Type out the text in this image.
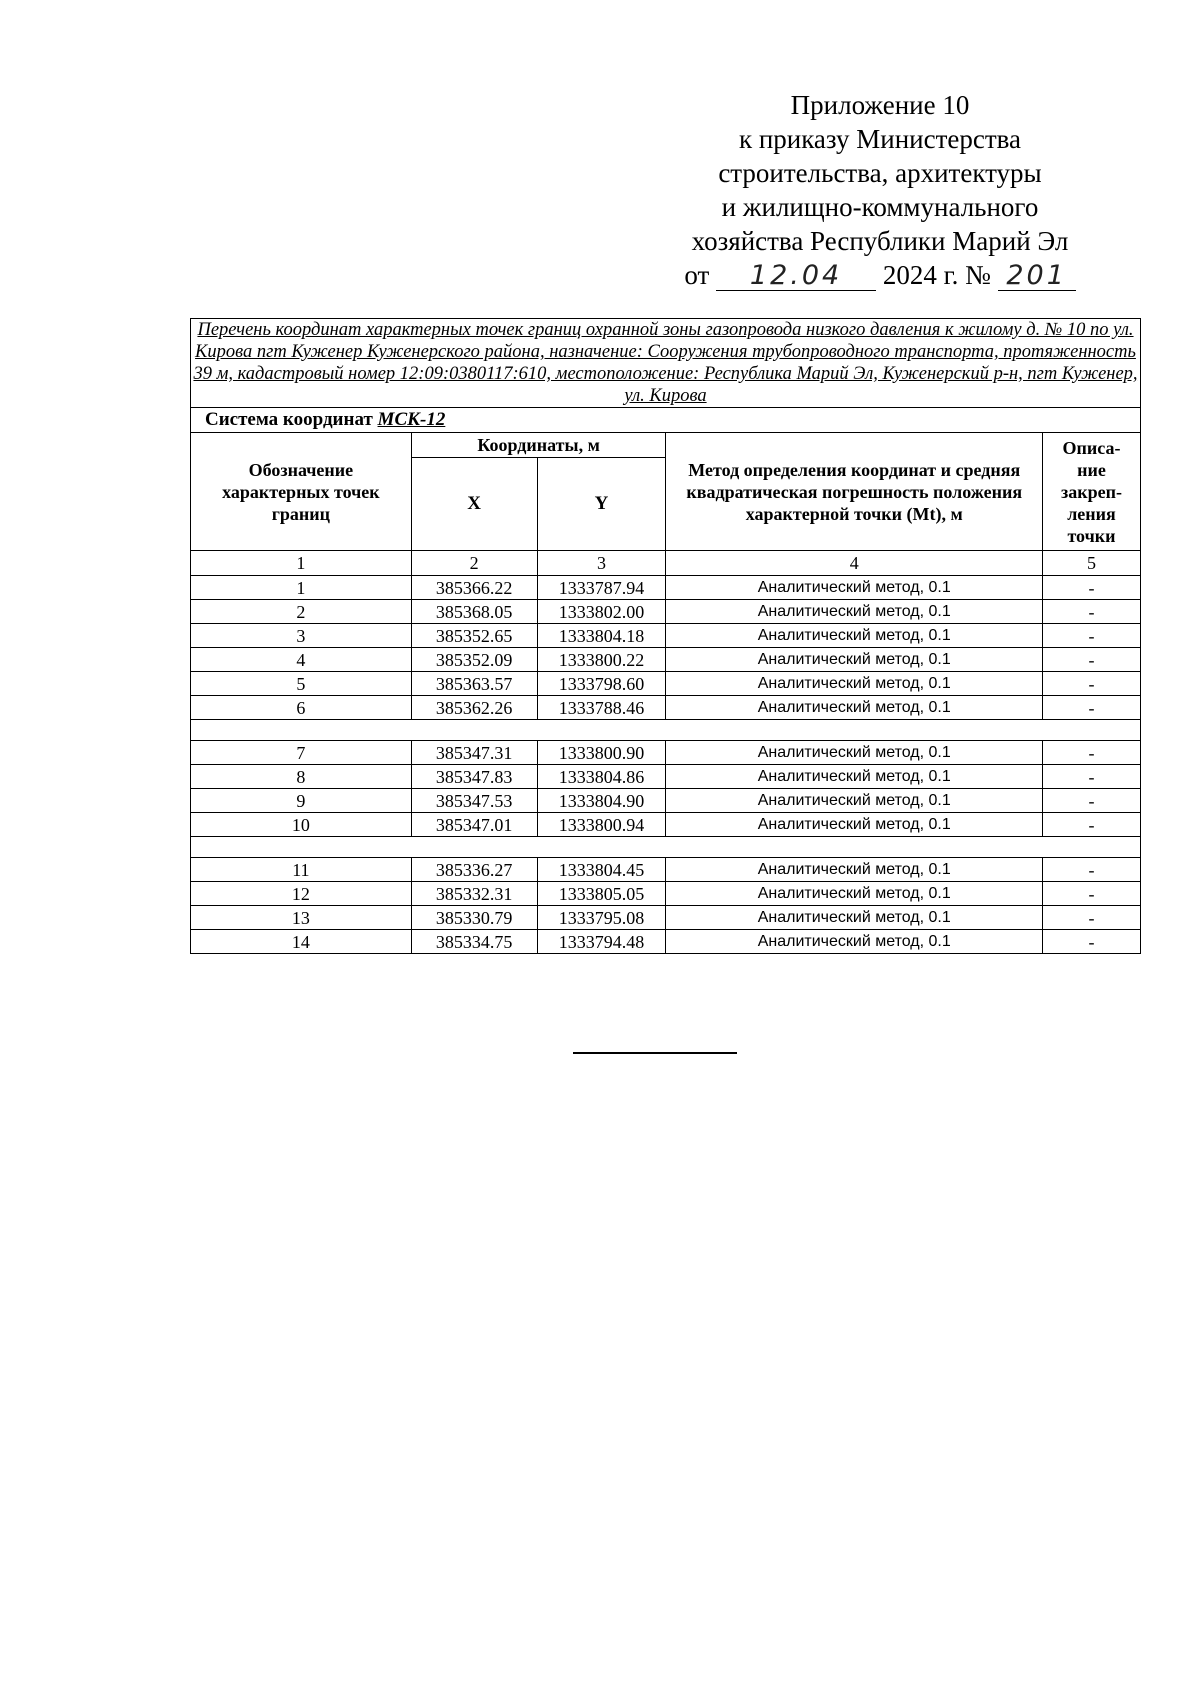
Приложение 10
к приказу Министерства
строительства, архитектуры
и жилищно-коммунального
хозяйства Республики Марий Эл
от 12.04 2024 г. № 201
Перечень координат характерных точек границ охранной зоны газопровода низкого давления к жилому д. № 10 по ул. Кирова пгт Куженер Куженерского района, назначение: Сооружения трубопроводного транспорта, протяженность 39 м, кадастровый номер 12:09:0380117:610, местоположение: Республика Марий Эл, Куженерский р-н, пгт Куженер, ул. Кирова				
Система координат МСК-12				
Обозначение характерных точек границ	Координаты, м		Метод определения координат и средняя квадратическая погрешность положения характерной точки (Mt), м	Описа-ние закреп-ления точки
	X	Y		
1	2	3	4	5
1	385366.22	1333787.94	Аналитический метод, 0.1	-
2	385368.05	1333802.00	Аналитический метод, 0.1	-
3	385352.65	1333804.18	Аналитический метод, 0.1	-
4	385352.09	1333800.22	Аналитический метод, 0.1	-
5	385363.57	1333798.60	Аналитический метод, 0.1	-
6	385362.26	1333788.46	Аналитический метод, 0.1	-

7	385347.31	1333800.90	Аналитический метод, 0.1	-
8	385347.83	1333804.86	Аналитический метод, 0.1	-
9	385347.53	1333804.90	Аналитический метод, 0.1	-
10	385347.01	1333800.94	Аналитический метод, 0.1	-

11	385336.27	1333804.45	Аналитический метод, 0.1	-
12	385332.31	1333805.05	Аналитический метод, 0.1	-
13	385330.79	1333795.08	Аналитический метод, 0.1	-
14	385334.75	1333794.48	Аналитический метод, 0.1	-
